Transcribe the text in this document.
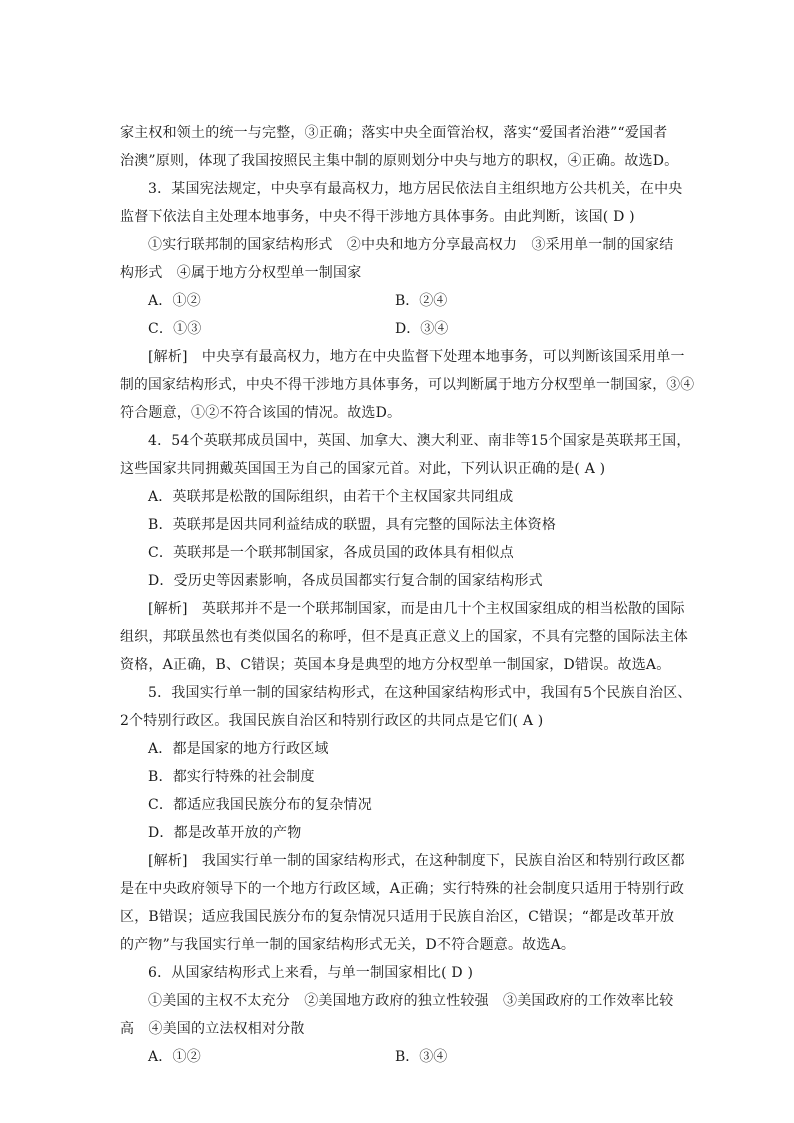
家主权和领土的统一与完整，③正确；落实中央全面管治权，落实“爱国者治港”“爱国者
治澳”原则，体现了我国按照民主集中制的原则划分中央与地方的职权，④正确。故选D。
3．某国宪法规定，中央享有最高权力，地方居民依法自主组织地方公共机关，在中央
监督下依法自主处理本地事务，中央不得干涉地方具体事务。由此判断，该国( D )
①实行联邦制的国家结构形式　②中央和地方分享最高权力　③采用单一制的国家结
构形式　④属于地方分权型单一制国家
A．①②	B．②④
C．①③	D．③④
[解析]　中央享有最高权力，地方在中央监督下处理本地事务，可以判断该国采用单一
制的国家结构形式，中央不得干涉地方具体事务，可以判断属于地方分权型单一制国家，③④
符合题意，①②不符合该国的情况。故选D。
4．54个英联邦成员国中，英国、加拿大、澳大利亚、南非等15个国家是英联邦王国，
这些国家共同拥戴英国国王为自己的国家元首。对此，下列认识正确的是( A )
A．英联邦是松散的国际组织，由若干个主权国家共同组成
B．英联邦是因共同利益结成的联盟，具有完整的国际法主体资格
C．英联邦是一个联邦制国家，各成员国的政体具有相似点
D．受历史等因素影响，各成员国都实行复合制的国家结构形式
[解析]　英联邦并不是一个联邦制国家，而是由几十个主权国家组成的相当松散的国际
组织，邦联虽然也有类似国名的称呼，但不是真正意义上的国家，不具有完整的国际法主体
资格，A正确，B、C错误；英国本身是典型的地方分权型单一制国家，D错误。故选A。
5．我国实行单一制的国家结构形式，在这种国家结构形式中，我国有5个民族自治区、
2个特别行政区。我国民族自治区和特别行政区的共同点是它们( A )
A．都是国家的地方行政区域
B．都实行特殊的社会制度
C．都适应我国民族分布的复杂情况
D．都是改革开放的产物
[解析]　我国实行单一制的国家结构形式，在这种制度下，民族自治区和特别行政区都
是在中央政府领导下的一个地方行政区域，A正确；实行特殊的社会制度只适用于特别行政
区，B错误；适应我国民族分布的复杂情况只适用于民族自治区，C错误；“都是改革开放
的产物”与我国实行单一制的国家结构形式无关，D不符合题意。故选A。
6．从国家结构形式上来看，与单一制国家相比( D )
①美国的主权不太充分　②美国地方政府的独立性较强　③美国政府的工作效率比较
高　④美国的立法权相对分散
A．①②	B．③④
